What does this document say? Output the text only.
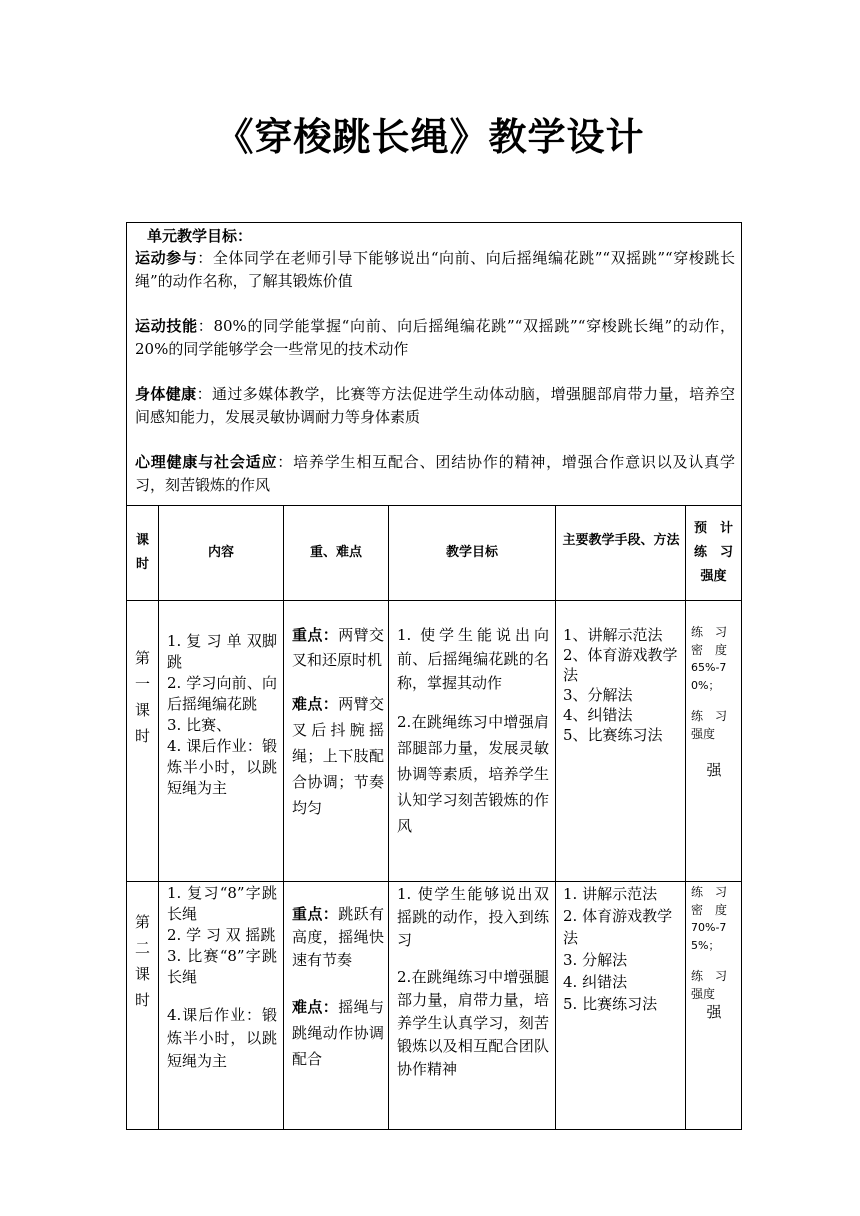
《穿梭跳长绳》教学设计
单元教学目标：
运动参与：全体同学在老师引导下能够说出“向前、向后摇绳编花跳”“双摇跳”“穿梭跳长绳”的动作名称，了解其锻炼价值
运动技能：80%的同学能掌握“向前、向后摇绳编花跳”“双摇跳”“穿梭跳长绳”的动作，20%的同学能够学会一些常见的技术动作
身体健康：通过多媒体教学，比赛等方法促进学生动体动脑，增强腿部肩带力量，培养空间感知能力，发展灵敏协调耐力等身体素质
心理健康与社会适应：培养学生相互配合、团结协作的精神，增强合作意识以及认真学习，刻苦锻炼的作风
课
时
内容	重、难点	教学目标
主要教学手段、方法
预　计
练　习
强度
第
一
课
时
1. 复 习 单 双脚跳
2. 学习向前、向后摇绳编花跳
3. 比赛、
4. 课后作业：锻炼半小时，以跳短绳为主
重点：两臂交叉和还原时机
难点：两臂交叉后抖腕摇绳；上下肢配合协调；节奏均匀
1. 使学生能说出向前、后摇绳编花跳的名称，掌握其动作
2.在跳绳练习中增强肩部腿部力量，发展灵敏协调等素质，培养学生认知学习刻苦锻炼的作风
1、讲解示范法
2、体育游戏教学法
3、分解法
4、纠错法
5、比赛练习法
练　习密　度
65%-70%；
练　习强度
强
第
二
课
时
1. 复习“8”字跳长绳
2. 学 习 双 摇跳
3. 比赛“8”字跳长绳
4.课后作业：锻炼半小时，以跳短绳为主
重点：跳跃有高度，摇绳快速有节奏
难点：摇绳与跳绳动作协调配合
1. 使学生能够说出双摇跳的动作，投入到练习
2.在跳绳练习中增强腿部力量，肩带力量，培养学生认真学习，刻苦锻炼以及相互配合团队协作精神
1. 讲解示范法
2. 体育游戏教学法
3. 分解法
4. 纠错法
5. 比赛练习法
练　习密　度
70%-75%；
练　习强度
强
